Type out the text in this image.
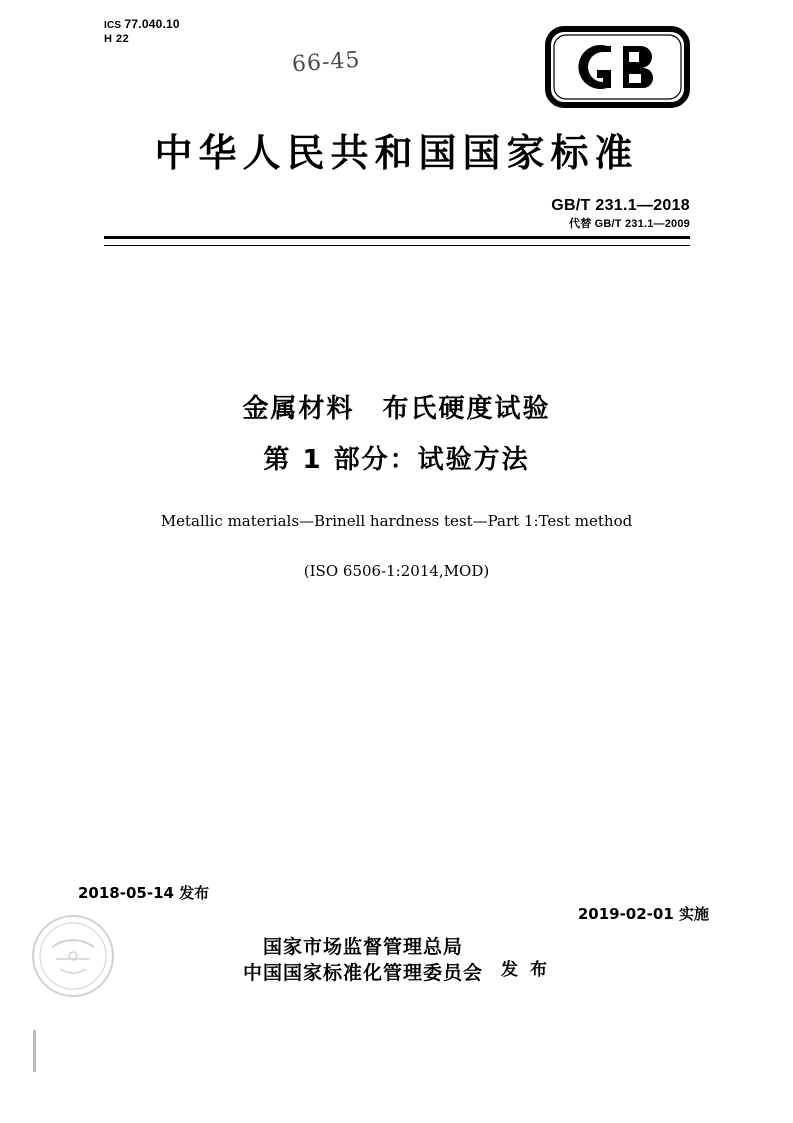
ICS 77.040.10
H 22
66-45
中华人民共和国国家标准
GB/T 231.1—2018
代替 GB/T 231.1—2009
金属材料　布氏硬度试验
第 1 部分：试验方法
Metallic materials—Brinell hardness test—Part 1:Test method
(ISO 6506-1:2014,MOD)
2018-05-14 发布
2019-02-01 实施
国家市场监督管理总局
中国国家标准化管理委员会 发 布
